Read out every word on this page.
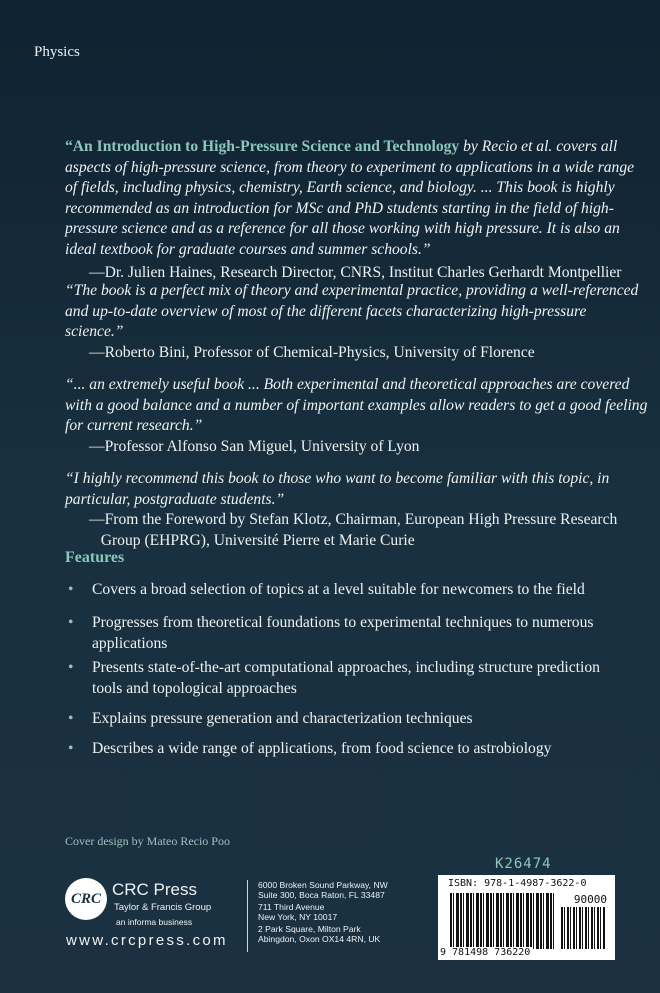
Physics
“An Introduction to High-Pressure Science and Technology by Recio et al. covers all
aspects of high-pressure science, from theory to experiment to applications in a wide range
of fields, including physics, chemistry, Earth science, and biology. ... This book is highly
recommended as an introduction for MSc and PhD students starting in the field of high-
pressure science and as a reference for all those working with high pressure. It is also an
ideal textbook for graduate courses and summer schools.”
—Dr. Julien Haines, Research Director, CNRS, Institut Charles Gerhardt Montpellier
“The book is a perfect mix of theory and experimental practice, providing a well-referenced
and up-to-date overview of most of the different facets characterizing high-pressure
science.”
—Roberto Bini, Professor of Chemical-Physics, University of Florence
“... an extremely useful book ... Both experimental and theoretical approaches are covered
with a good balance and a number of important examples allow readers to get a good feeling
for current research.”
—Professor Alfonso San Miguel, University of Lyon
“I highly recommend this book to those who want to become familiar with this topic, in
particular, postgraduate students.”
—From the Foreword by Stefan Klotz, Chairman, European High Pressure Research
Group (EHPRG), Université Pierre et Marie Curie
Features
• Covers a broad selection of topics at a level suitable for newcomers to the field
• Progresses from theoretical foundations to experimental techniques to numerous
applications
• Presents state-of-the-art computational approaches, including structure prediction
tools and topological approaches
• Explains pressure generation and characterization techniques
• Describes a wide range of applications, from food science to astrobiology
Cover design by Mateo Recio Poo
K26474
CRC CRC Press
Taylor & Francis Group
an informa business
www.crcpress.com
6000 Broken Sound Parkway, NW
Suite 300, Boca Raton, FL 33487
711 Third Avenue
New York, NY 10017
2 Park Square, Milton Park
Abingdon, Oxon OX14 4RN, UK
ISBN: 978-1-4987-3622-0
90000
9 781498 736220
